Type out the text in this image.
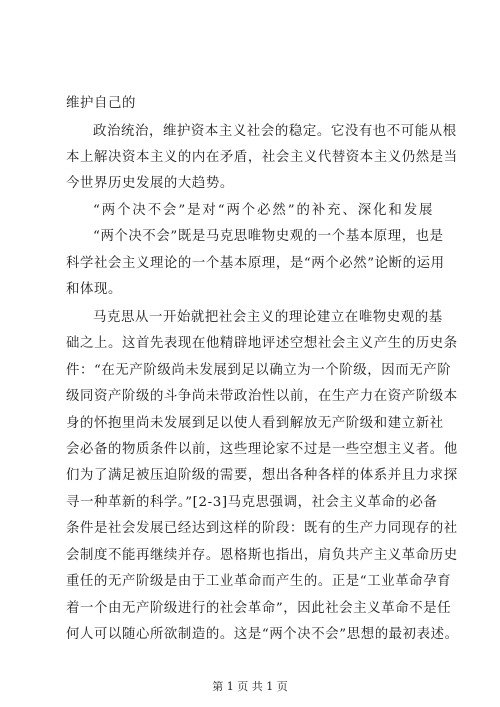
维护自己的
政治统治，维护资本主义社会的稳定。它没有也不可能从根
本上解决资本主义的内在矛盾，社会主义代替资本主义仍然是当
今世界历史发展的大趋势。
“两个决不会”是对“两个必然”的补充、深化和发展
“两个决不会”既是马克思唯物史观的一个基本原理，也是
科学社会主义理论的一个基本原理，是“两个必然”论断的运用
和体现。
马克思从一开始就把社会主义的理论建立在唯物史观的基
础之上。这首先表现在他精辟地评述空想社会主义产生的历史条
件：“在无产阶级尚未发展到足以确立为一个阶级，因而无产阶
级同资产阶级的斗争尚未带政治性以前，在生产力在资产阶级本
身的怀抱里尚未发展到足以使人看到解放无产阶级和建立新社
会必备的物质条件以前，这些理论家不过是一些空想主义者。他
们为了满足被压迫阶级的需要，想出各种各样的体系并且力求探
寻一种革新的科学。”[2-3]马克思强调，社会主义革命的必备
条件是社会发展已经达到这样的阶段：既有的生产力同现存的社
会制度不能再继续并存。恩格斯也指出，肩负共产主义革命历史
重任的无产阶级是由于工业革命而产生的。正是“工业革命孕育
着一个由无产阶级进行的社会革命”，因此社会主义革命不是任
何人可以随心所欲制造的。这是“两个决不会”思想的最初表述。
第 1 页 共 1 页
